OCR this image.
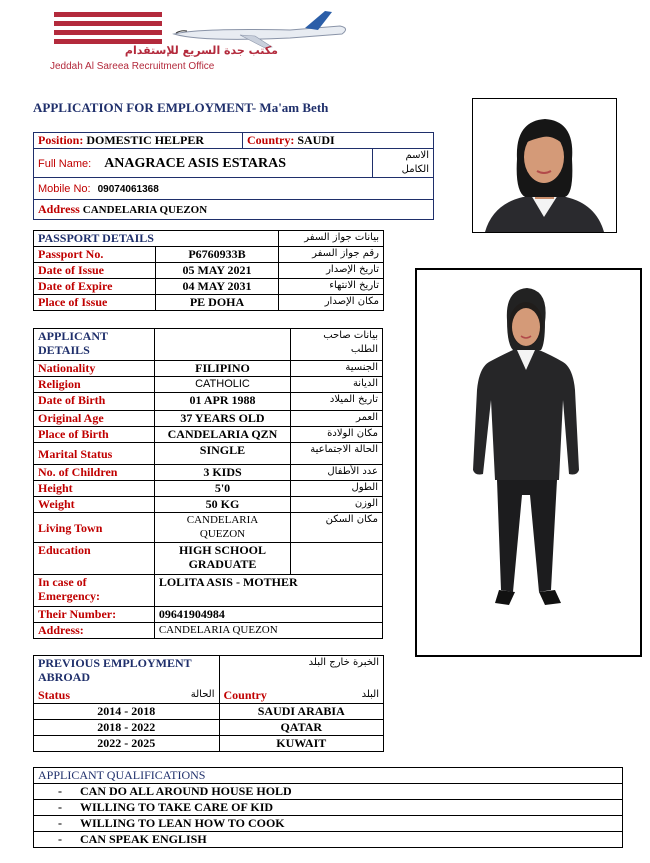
مكتب جدة السريع للإستقدام
Jeddah Al Sareea Recruitment Office
APPLICATION FOR EMPLOYMENT- Ma'am Beth
Position: DOMESTIC HELPER	Country: SAUDI	
Full Name: ANAGRACE ASIS ESTARAS		الاسم الكامل
Mobile No: 09074061368		
Address CANDELARIA QUEZON		
PASSPORT DETAILS		بيانات جواز السفر
Passport No.	P6760933B	رقم جواز السفر
Date of Issue	05 MAY 2021	تاريخ الإصدار
Date of Expire	04 MAY 2031	تاريخ الانتهاء
Place of Issue	PE DOHA	مكان الإصدار
APPLICANT DETAILS		بيانات صاحب الطلب
Nationality	FILIPINO	الجنسية
Religion	CATHOLIC	الديانة
Date of Birth	01 APR 1988	تاريخ الميلاد
Original Age	37 YEARS OLD	العمر
Place of Birth	CANDELARIA QZN	مكان الولادة
Marital Status	SINGLE	الحالة الاجتماعية
No. of Children	3 KIDS	عدد الأطفال
Height	5'0	الطول
Weight	50 KG	الوزن
Living Town	CANDELARIA QUEZON	مكان السكن
Education	HIGH SCHOOL GRADUATE	
In case of Emergency:	LOLITA ASIS - MOTHER	
Their Number:	09641904984	
Address:	CANDELARIA QUEZON	
PREVIOUS EMPLOYMENT ABROAD	الخبرة خارج البلد
Status الحالة	Country البلد

2014 - 2018	SAUDI ARABIA
2018 - 2022	QATAR
2022 - 2025	KUWAIT
APPLICANT QUALIFICATIONS
- CAN DO ALL AROUND HOUSE HOLD
- WILLING TO TAKE CARE OF KID
- WILLING TO LEAN HOW TO COOK
- CAN SPEAK ENGLISH
